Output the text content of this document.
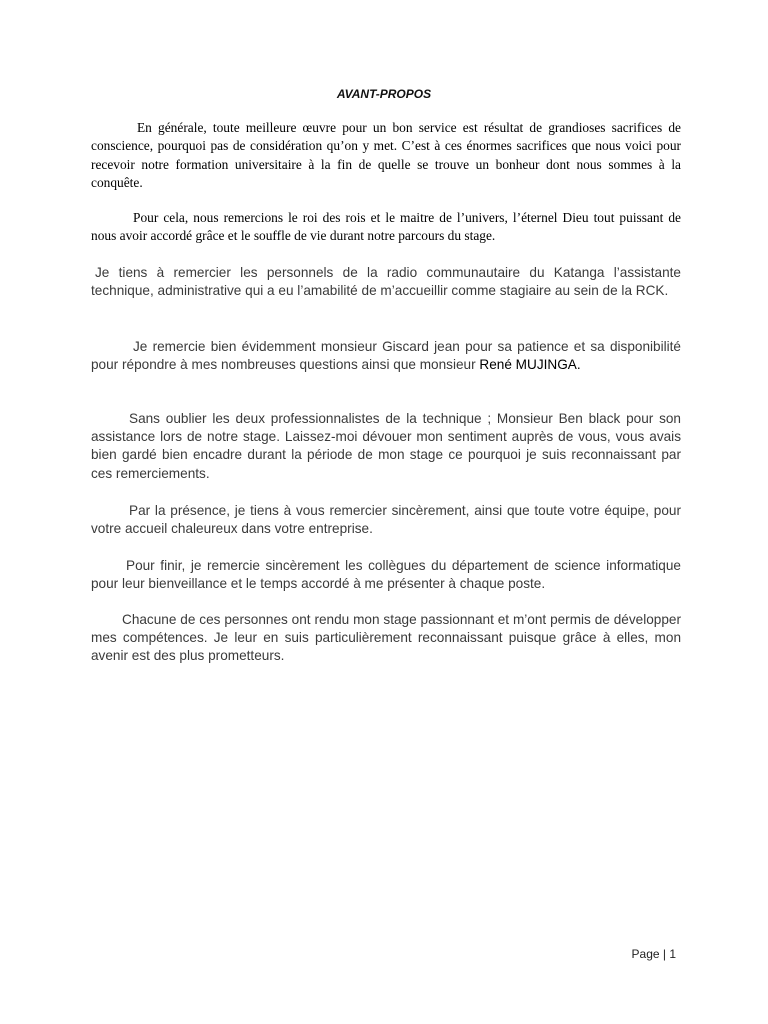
AVANT-PROPOS

En générale, toute meilleure œuvre pour un bon service est résultat de grandioses sacrifices de conscience, pourquoi pas de considération qu’on y met. C’est à ces énormes sacrifices que nous voici pour recevoir notre formation universitaire à la fin de quelle se trouve un bonheur dont nous sommes à la conquête.

Pour cela, nous remercions le roi des rois et le maitre de l’univers, l’éternel Dieu tout puissant de nous avoir accordé grâce et le souffle de vie durant notre parcours du stage.

Je tiens à remercier les personnels de la radio communautaire du Katanga l’assistante technique, administrative qui a eu l’amabilité de m’accueillir comme stagiaire au sein de la RCK.

Je remercie bien évidemment monsieur Giscard jean pour sa patience et sa disponibilité pour répondre à mes nombreuses questions ainsi que monsieur René MUJINGA.

Sans oublier les deux professionnalistes de la technique ; Monsieur Ben black pour son assistance lors de notre stage. Laissez-moi dévouer mon sentiment auprès de vous, vous avais bien gardé bien encadre durant la période de mon stage ce pourquoi je suis reconnaissant par ces remerciements.

Par la présence, je tiens à vous remercier sincèrement, ainsi que toute votre équipe, pour votre accueil chaleureux dans votre entreprise.

Pour finir, je remercie sincèrement les collègues du département de science informatique pour leur bienveillance et le temps accordé à me présenter à chaque poste.

Chacune de ces personnes ont rendu mon stage passionnant et m’ont permis de développer mes compétences. Je leur en suis particulièrement reconnaissant puisque grâce à elles, mon avenir est des plus prometteurs.

Page | 1
